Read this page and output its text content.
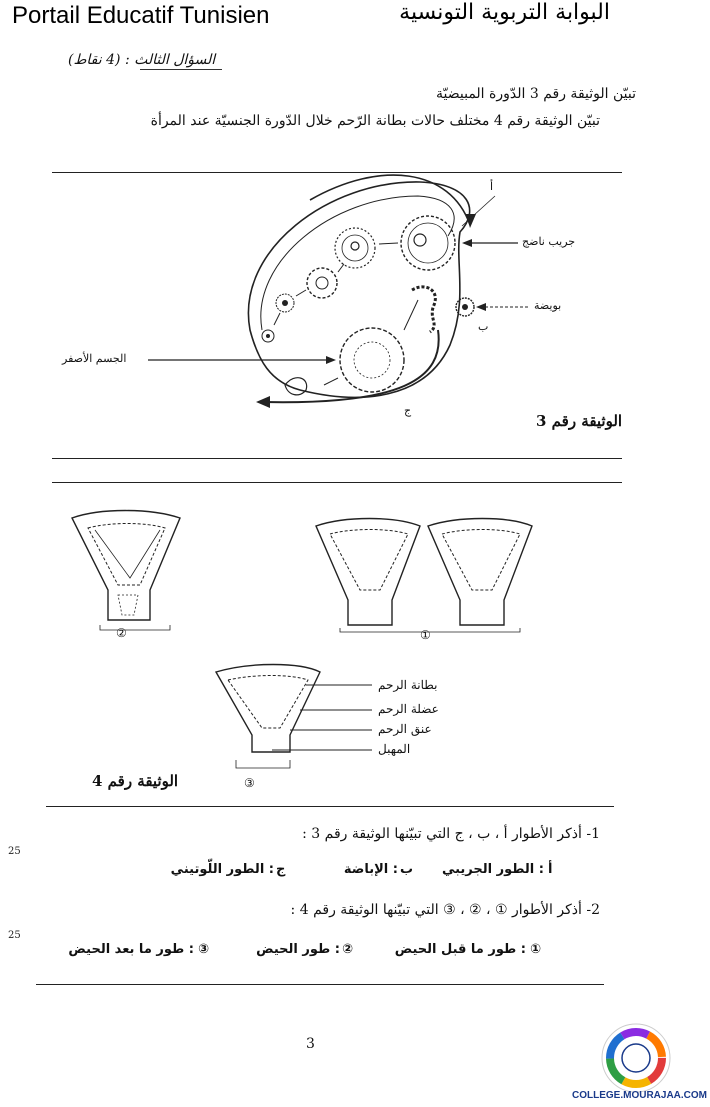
Portail Educatif Tunisien	البوابة التربوية التونسية
السؤال الثالث : (4 نقاط)
تبيّن الوثيقة رقم 3 الدّورة المبيضيّة
تبيّن الوثيقة رقم 4 مختلف حالات بطانة الرّحم خلال الدّورة الجنسيّة عند المرأة
أ
جريب ناضج
بويضة
ب
الجسم الأصفر
ج
الوثيقة رقم 3
②	①
③
بطانة الرحم
عضلة الرحم
عنق الرحم
المهبل
الوثيقة رقم 4
25
25
1- أذكر الأطوار أ ، ب ، ج التي تبيّنها الوثيقة رقم 3 :
أ
: الطور الجريبي
ب
: الإباضة
ج
: الطور اللّوتيني
2- أذكر الأطوار ① ، ② ، ③ التي تبيّنها الوثيقة رقم 4 :
①
: طور ما قبل الحيض
②
: طور الحيض
③
: طور ما بعد الحيض
3
COLLEGE.MOURAJAA.COM
